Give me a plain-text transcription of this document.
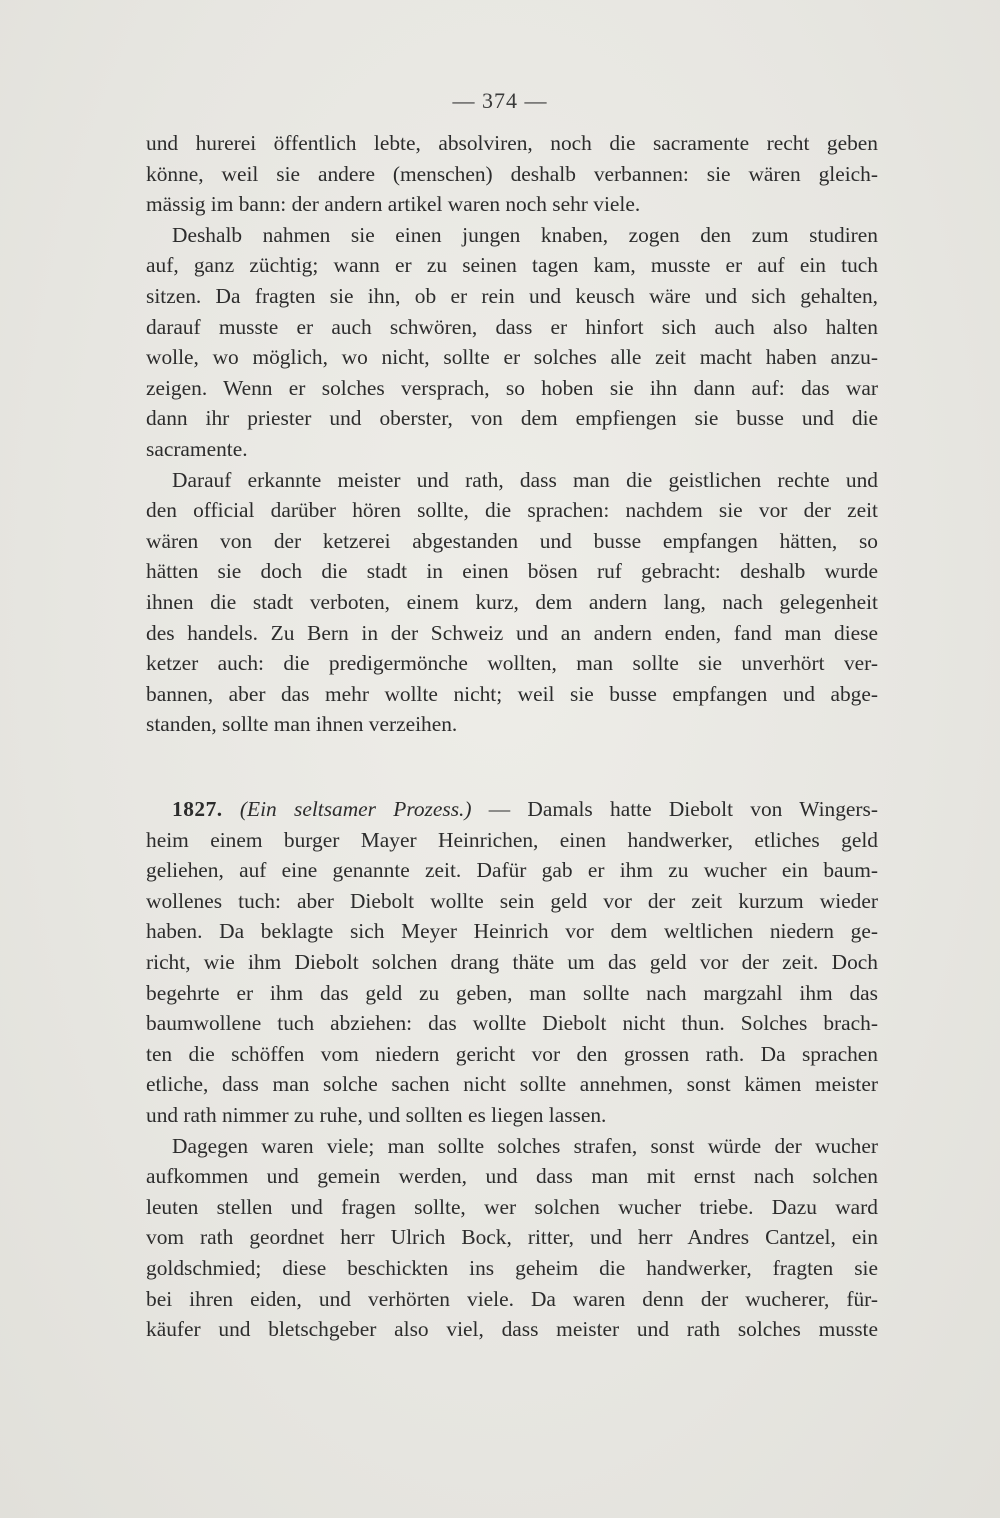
— 374 —
und hurerei öffentlich lebte, absolviren, noch die sacramente recht geben
könne, weil sie andere (menschen) deshalb verbannen: sie wären gleich-
mässig im bann: der andern artikel waren noch sehr viele.
Deshalb nahmen sie einen jungen knaben, zogen den zum studiren
auf, ganz züchtig; wann er zu seinen tagen kam, musste er auf ein tuch
sitzen. Da fragten sie ihn, ob er rein und keusch wäre und sich gehalten,
darauf musste er auch schwören, dass er hinfort sich auch also halten
wolle, wo möglich, wo nicht, sollte er solches alle zeit macht haben anzu-
zeigen. Wenn er solches versprach, so hoben sie ihn dann auf: das war
dann ihr priester und oberster, von dem empfiengen sie busse und die
sacramente.
Darauf erkannte meister und rath, dass man die geistlichen rechte und
den official darüber hören sollte, die sprachen: nachdem sie vor der zeit
wären von der ketzerei abgestanden und busse empfangen hätten, so
hätten sie doch die stadt in einen bösen ruf gebracht: deshalb wurde
ihnen die stadt verboten, einem kurz, dem andern lang, nach gelegenheit
des handels. Zu Bern in der Schweiz und an andern enden, fand man diese
ketzer auch: die predigermönche wollten, man sollte sie unverhört ver-
bannen, aber das mehr wollte nicht; weil sie busse empfangen und abge-
standen, sollte man ihnen verzeihen.
1827. (Ein seltsamer Prozess.) — Damals hatte Diebolt von Wingers-
heim einem burger Mayer Heinrichen, einen handwerker, etliches geld
geliehen, auf eine genannte zeit. Dafür gab er ihm zu wucher ein baum-
wollenes tuch: aber Diebolt wollte sein geld vor der zeit kurzum wieder
haben. Da beklagte sich Meyer Heinrich vor dem weltlichen niedern ge-
richt, wie ihm Diebolt solchen drang thäte um das geld vor der zeit. Doch
begehrte er ihm das geld zu geben, man sollte nach margzahl ihm das
baumwollene tuch abziehen: das wollte Diebolt nicht thun. Solches brach-
ten die schöffen vom niedern gericht vor den grossen rath. Da sprachen
etliche, dass man solche sachen nicht sollte annehmen, sonst kämen meister
und rath nimmer zu ruhe, und sollten es liegen lassen.
Dagegen waren viele; man sollte solches strafen, sonst würde der wucher
aufkommen und gemein werden, und dass man mit ernst nach solchen
leuten stellen und fragen sollte, wer solchen wucher triebe. Dazu ward
vom rath geordnet herr Ulrich Bock, ritter, und herr Andres Cantzel, ein
goldschmied; diese beschickten ins geheim die handwerker, fragten sie
bei ihren eiden, und verhörten viele. Da waren denn der wucherer, für-
käufer und bletschgeber also viel, dass meister und rath solches musste
